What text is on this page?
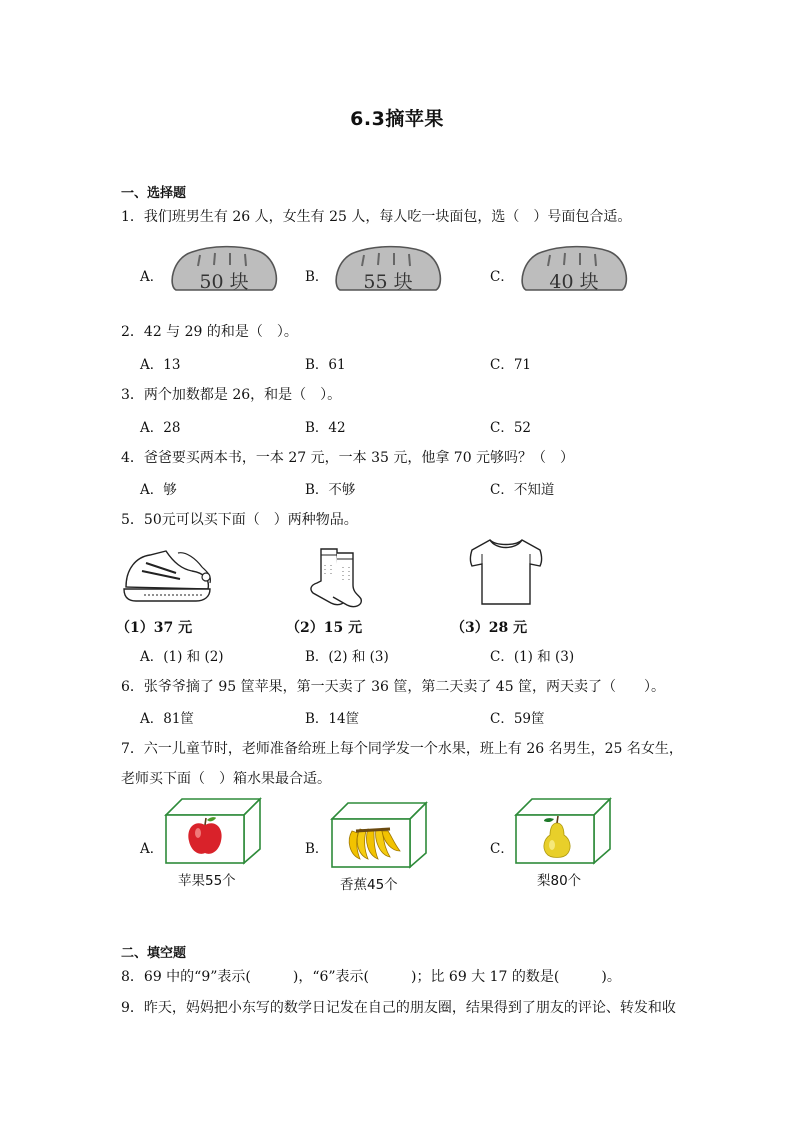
6.3摘苹果
一、选择题
1．我们班男生有 26 人，女生有 25 人，每人吃一块面包，选（　）号面包合适。
A． 50 块	B． 55 块	C． 40 块
2．42 与 29 的和是（　）。
A．13	B．61	C．71
3．两个加数都是 26，和是（　）。
A．28	B．42	C．52
4．爸爸要买两本书，一本 27 元，一本 35 元，他拿 70 元够吗？（　）
A．够	B．不够	C．不知道
5．50元可以买下面（　）两种物品。
（1）37 元	（2）15 元	（3）28 元
A．(1) 和 (2)	B．(2) 和 (3)	C．(1) 和 (3)
6．张爷爷摘了 95 筐苹果，第一天卖了 36 筐，第二天卖了 45 筐，两天卖了（　　）。
A．81筐	B．14筐	C．59筐
7．六一儿童节时，老师准备给班上每个同学发一个水果，班上有 26 名男生，25 名女生，
老师买下面（　）箱水果最合适。
A．
苹果55个
B．
香蕉45个
C．
梨80个
二、填空题
8．69 中的“9”表示(　　　)，“6”表示(　　　)；比 69 大 17 的数是(　　　)。
9．昨天，妈妈把小东写的数学日记发在自己的朋友圈，结果得到了朋友的评论、转发和收
